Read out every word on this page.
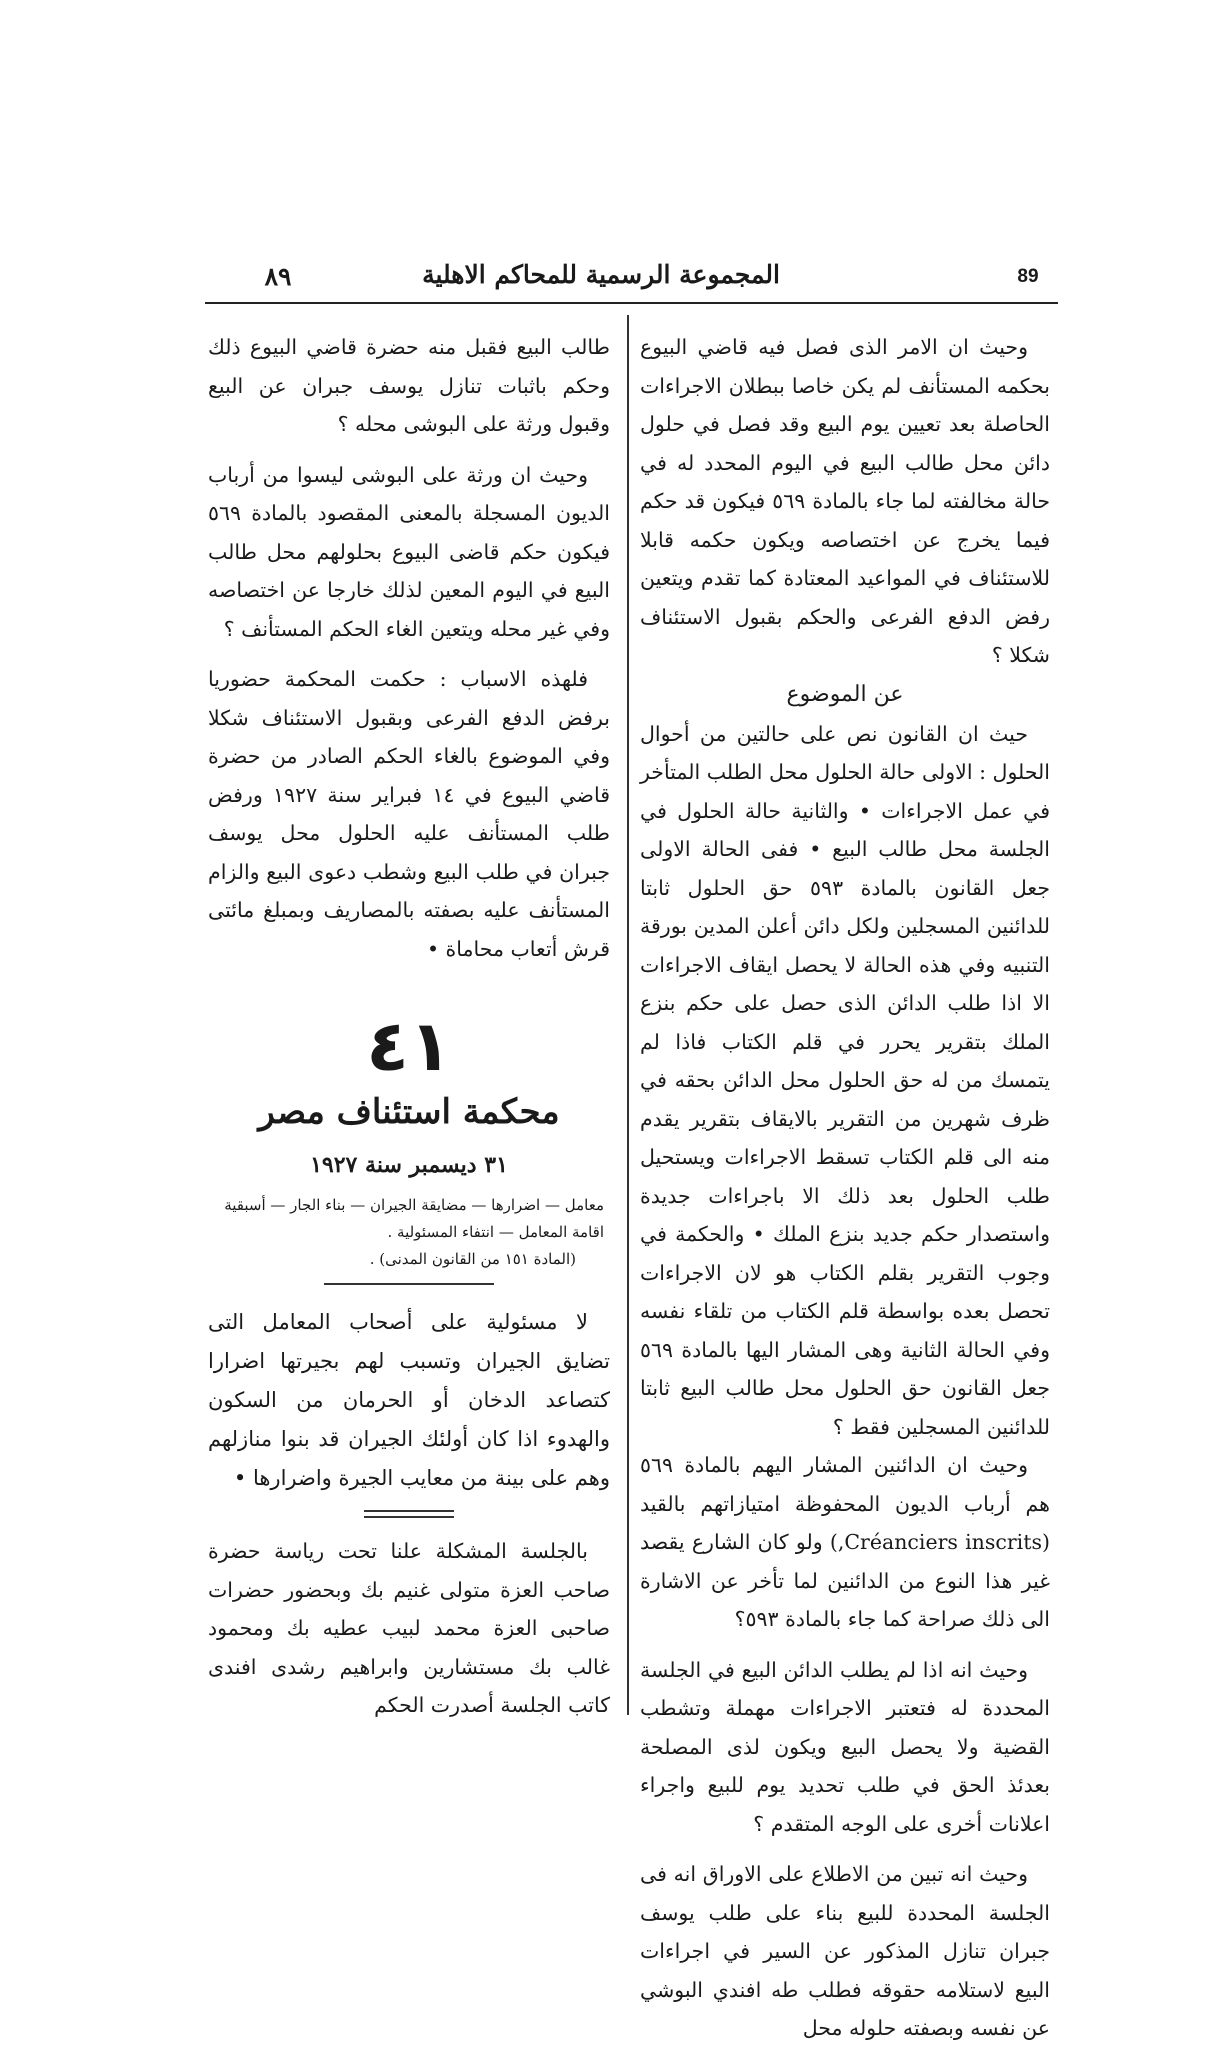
89
المجموعة الرسمية للمحاكم الاهلية
٨٩

وحيث ان الامر الذى فصل فيه قاضي البيوع بحكمه المستأنف لم يكن خاصا ببطلان الاجراءات الحاصلة بعد تعيين يوم البيع وقد فصل في حلول دائن محل طالب البيع في اليوم المحدد له في حالة مخالفته لما جاء بالمادة ٥٦٩ فيكون قد حكم فيما يخرج عن اختصاصه ويكون حكمه قابلا للاستئناف في المواعيد المعتادة كما تقدم ويتعين رفض الدفع الفرعى والحكم بقبول الاستئناف شكلا ؟

عن الموضوع

حيث ان القانون نص على حالتين من أحوال الحلول : الاولى حالة الحلول محل الطلب المتأخر في عمل الاجراءات • والثانية حالة الحلول في الجلسة محل طالب البيع • ففى الحالة الاولى جعل القانون بالمادة ٥٩٣ حق الحلول ثابتا للدائنين المسجلين ولكل دائن أعلن المدين بورقة التنبيه وفي هذه الحالة لا يحصل ايقاف الاجراءات الا اذا طلب الدائن الذى حصل على حكم بنزع الملك بتقرير يحرر في قلم الكتاب فاذا لم يتمسك من له حق الحلول محل الدائن بحقه في ظرف شهرين من التقرير بالايقاف بتقرير يقدم منه الى قلم الكتاب تسقط الاجراءات ويستحيل طلب الحلول بعد ذلك الا باجراءات جديدة واستصدار حكم جديد بنزع الملك • والحكمة في وجوب التقرير بقلم الكتاب هو لان الاجراءات تحصل بعده بواسطة قلم الكتاب من تلقاء نفسه وفي الحالة الثانية وهى المشار اليها بالمادة ٥٦٩ جعل القانون حق الحلول محل طالب البيع ثابتا للدائنين المسجلين فقط ؟

وحيث ان الدائنين المشار اليهم بالمادة ٥٦٩ هم أرباب الديون المحفوظة امتيازاتهم بالقيد (Créanciers inscrits,) ولو كان الشارع يقصد غير هذا النوع من الدائنين لما تأخر عن الاشارة الى ذلك صراحة كما جاء بالمادة ٥٩٣؟

وحيث انه اذا لم يطلب الدائن البيع في الجلسة المحددة له فتعتبر الاجراءات مهملة وتشطب القضية ولا يحصل البيع ويكون لذى المصلحة بعدئذ الحق في طلب تحديد يوم للبيع واجراء اعلانات أخرى على الوجه المتقدم ؟

وحيث انه تبين من الاطلاع على الاوراق انه فى الجلسة المحددة للبيع بناء على طلب يوسف جبران تنازل المذكور عن السير في اجراءات البيع لاستلامه حقوقه فطلب طه افندي البوشي عن نفسه وبصفته حلوله محل

طالب البيع فقبل منه حضرة قاضي البيوع ذلك وحكم باثبات تنازل يوسف جبران عن البيع وقبول ورثة على البوشى محله ؟

وحيث ان ورثة على البوشى ليسوا من أرباب الديون المسجلة بالمعنى المقصود بالمادة ٥٦٩ فيكون حكم قاضى البيوع بحلولهم محل طالب البيع في اليوم المعين لذلك خارجا عن اختصاصه وفي غير محله ويتعين الغاء الحكم المستأنف ؟

فلهذه الاسباب : حكمت المحكمة حضوريا برفض الدفع الفرعى وبقبول الاستئناف شكلا وفي الموضوع بالغاء الحكم الصادر من حضرة قاضي البيوع في ١٤ فبراير سنة ١٩٢٧ ورفض طلب المستأنف عليه الحلول محل يوسف جبران في طلب البيع وشطب دعوى البيع والزام المستأنف عليه بصفته بالمصاريف وبمبلغ مائتى قرش أتعاب محاماة •

٤١

محكمة استئناف مصر

٣١ ديسمبر سنة ١٩٢٧

معامل — اضرارها — مضايقة الجيران — بناء الجار — أسبقية

اقامة المعامل — انتفاء المسئولية .

(المادة ١٥١ من القانون المدنى) .

لا مسئولية على أصحاب المعامل التى تضايق الجيران وتسبب لهم بجيرتها اضرارا كتصاعد الدخان أو الحرمان من السكون والهدوء اذا كان أولئك الجيران قد بنوا منازلهم وهم على بينة من معايب الجيرة واضرارها •

بالجلسة المشكلة علنا تحت رياسة حضرة صاحب العزة متولى غنيم بك وبحضور حضرات صاحبى العزة محمد لبيب عطيه بك ومحمود غالب بك مستشارين وابراهيم رشدى افندى كاتب الجلسة أصدرت الحكم
